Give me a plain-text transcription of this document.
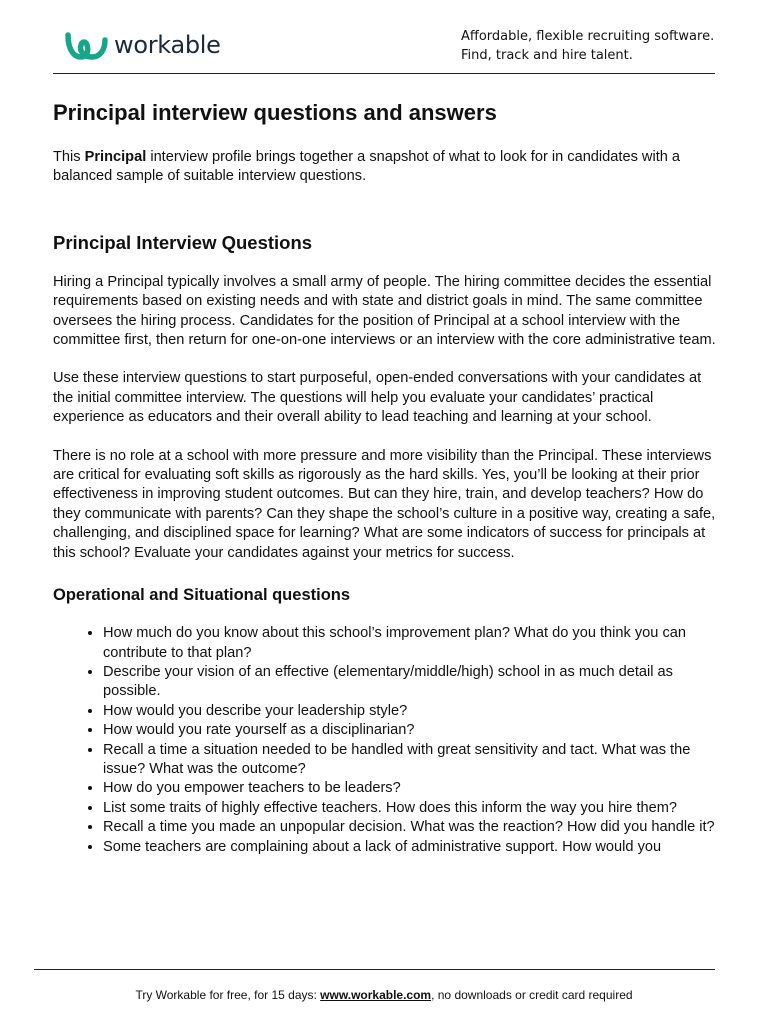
workable	Affordable, flexible recruiting software.
Find, track and hire talent.
Principal interview questions and answers

This Principal interview profile brings together a snapshot of what to look for in candidates with a balanced sample of suitable interview questions.

Principal Interview Questions

Hiring a Principal typically involves a small army of people. The hiring committee decides the essential requirements based on existing needs and with state and district goals in mind. The same committee oversees the hiring process. Candidates for the position of Principal at a school interview with the committee first, then return for one-on-one interviews or an interview with the core administrative team.

Use these interview questions to start purposeful, open-ended conversations with your candidates at the initial committee interview. The questions will help you evaluate your candidates’ practical experience as educators and their overall ability to lead teaching and learning at your school.

There is no role at a school with more pressure and more visibility than the Principal. These interviews are critical for evaluating soft skills as rigorously as the hard skills. Yes, you’ll be looking at their prior effectiveness in improving student outcomes. But can they hire, train, and develop teachers? How do they communicate with parents? Can they shape the school’s culture in a positive way, creating a safe, challenging, and disciplined space for learning? What are some indicators of success for principals at this school? Evaluate your candidates against your metrics for success.

Operational and Situational questions
• How much do you know about this school’s improvement plan? What do you think you can contribute to that plan?
• Describe your vision of an effective (elementary/middle/high) school in as much detail as possible.
• How would you describe your leadership style?
• How would you rate yourself as a disciplinarian?
• Recall a time a situation needed to be handled with great sensitivity and tact. What was the issue? What was the outcome?
• How do you empower teachers to be leaders?
• List some traits of highly effective teachers. How does this inform the way you hire them?
• Recall a time you made an unpopular decision. What was the reaction? How did you handle it?
• Some teachers are complaining about a lack of administrative support. How would you
Try Workable for free, for 15 days: www.workable.com, no downloads or credit card required
